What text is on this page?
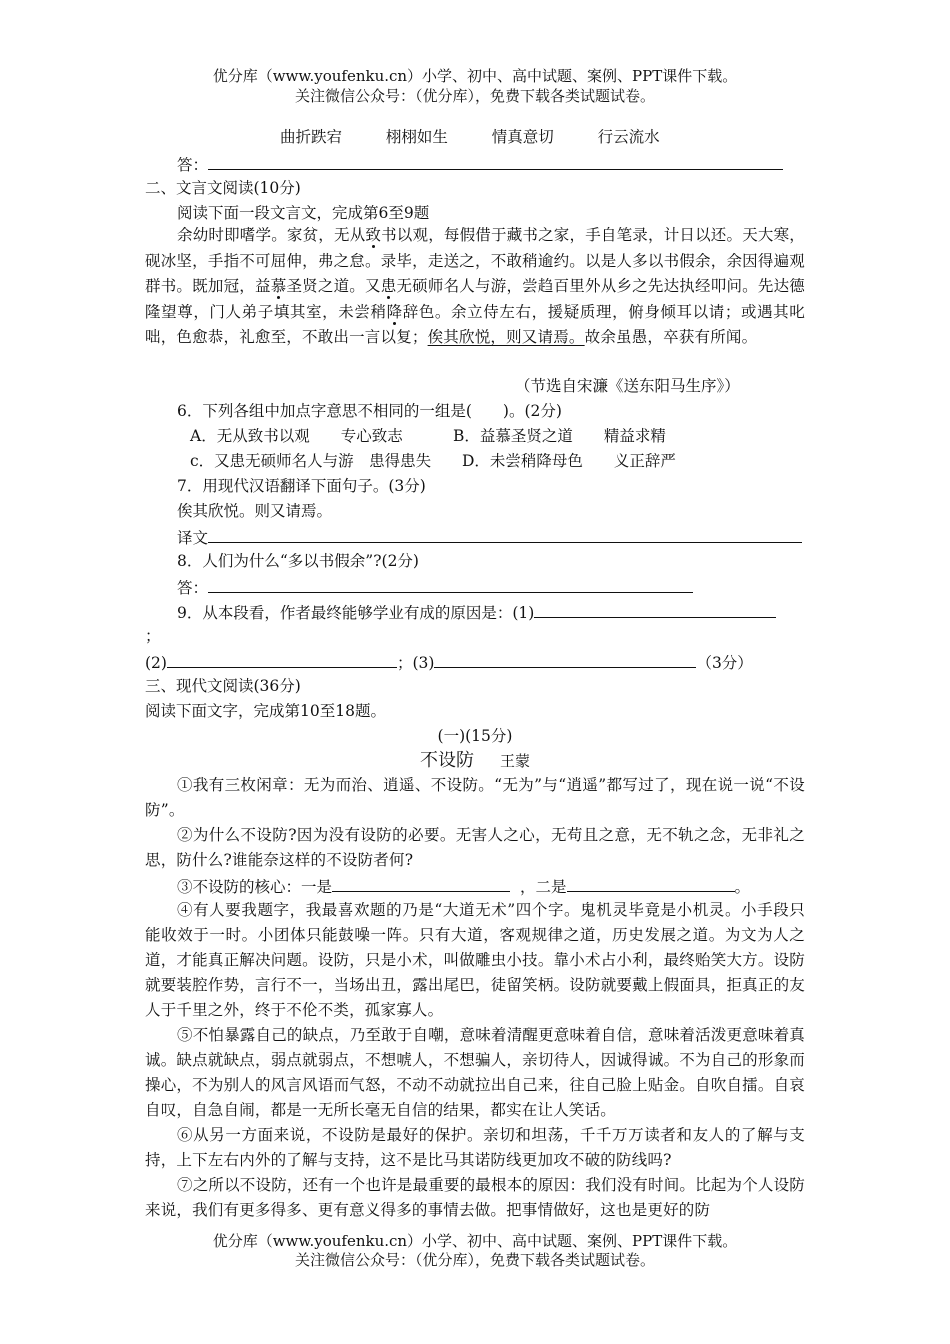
优分库（www.youfenku.cn）小学、初中、高中试题、案例、PPT课件下载。
关注微信公众号：（优分库），免费下载各类试题试卷。
曲折跌宕	栩栩如生	情真意切	行云流水
答：
二、文言文阅读(10分)
阅读下面一段文言文，完成第6至9题
余幼时即嗜学。家贫，无从致书以观，每假借于藏书之家，手自笔录，计日以还。天大寒，砚冰坚，手指不可屈伸，弗之怠。录毕，走送之，不敢稍逾约。以是人多以书假余，余因得遍观群书。既加冠，益慕圣贤之道。又患无硕师名人与游，尝趋百里外从乡之先达执经叩问。先达德隆望尊，门人弟子填其室，未尝稍降辞色。余立侍左右，援疑质理，俯身倾耳以请；或遇其叱咄，色愈恭，礼愈至，不敢出一言以复；俟其欣悦，则又请焉。故余虽愚，卒获有所闻。
（节选自宋濂《送东阳马生序》）
6．下列各组中加点字意思不相同的一组是(　　)。(2分)
A．无从致书以观　　专心致志	B．益慕圣贤之道　　精益求精
c．又患无硕师名人与游　患得患失 D．未尝稍降母色　　义正辞严
7．用现代汉语翻译下面句子。(3分)
俟其欣悦。则又请焉。
译文
8．人们为什么“多以书假余”?(2分)
答：
9．从本段看，作者最终能够学业有成的原因是：(1)
；
(2)	；(3)	（3分）
三、现代文阅读(36分)
阅读下面文字，完成第10至18题。
(一)(15分)
不设防 王蒙
①我有三枚闲章：无为而治、逍遥、不设防。“无为”与“逍遥”都写过了，现在说一说“不设防”。
②为什么不设防?因为没有设防的必要。无害人之心，无苟且之意，无不轨之念，无非礼之思，防什么?谁能奈这样的不设防者何?
③不设防的核心：一是	，二是	。
④有人要我题字，我最喜欢题的乃是“大道无术”四个字。鬼机灵毕竟是小机灵。小手段只能收效于一时。小团体只能鼓噪一阵。只有大道，客观规律之道，历史发展之道。为文为人之道，才能真正解决问题。设防，只是小术，叫做雕虫小技。靠小术占小利，最终贻笑大方。设防就要装腔作势，言行不一，当场出丑，露出尾巴，徒留笑柄。设防就要戴上假面具，拒真正的友人于千里之外，终于不伦不类，孤家寡人。
⑤不怕暴露自己的缺点，乃至敢于自嘲，意味着清醒更意味着自信，意味着活泼更意味着真诚。缺点就缺点，弱点就弱点，不想唬人，不想骗人，亲切待人，因诚得诚。不为自己的形象而操心，不为别人的风言风语而气怒，不动不动就拉出自己来，往自己脸上贴金。自吹自擂。自哀自叹，自急自闹，都是一无所长毫无自信的结果，都实在让人笑话。
⑥从另一方面来说，不设防是最好的保护。亲切和坦荡，千千万万读者和友人的了解与支持，上下左右内外的了解与支持，这不是比马其诺防线更加攻不破的防线吗?
⑦之所以不设防，还有一个也许是最重要的最根本的原因：我们没有时间。比起为个人设防来说，我们有更多得多、更有意义得多的事情去做。把事情做好，这也是更好的防
优分库（www.youfenku.cn）小学、初中、高中试题、案例、PPT课件下载。
关注微信公众号：（优分库），免费下载各类试题试卷。
